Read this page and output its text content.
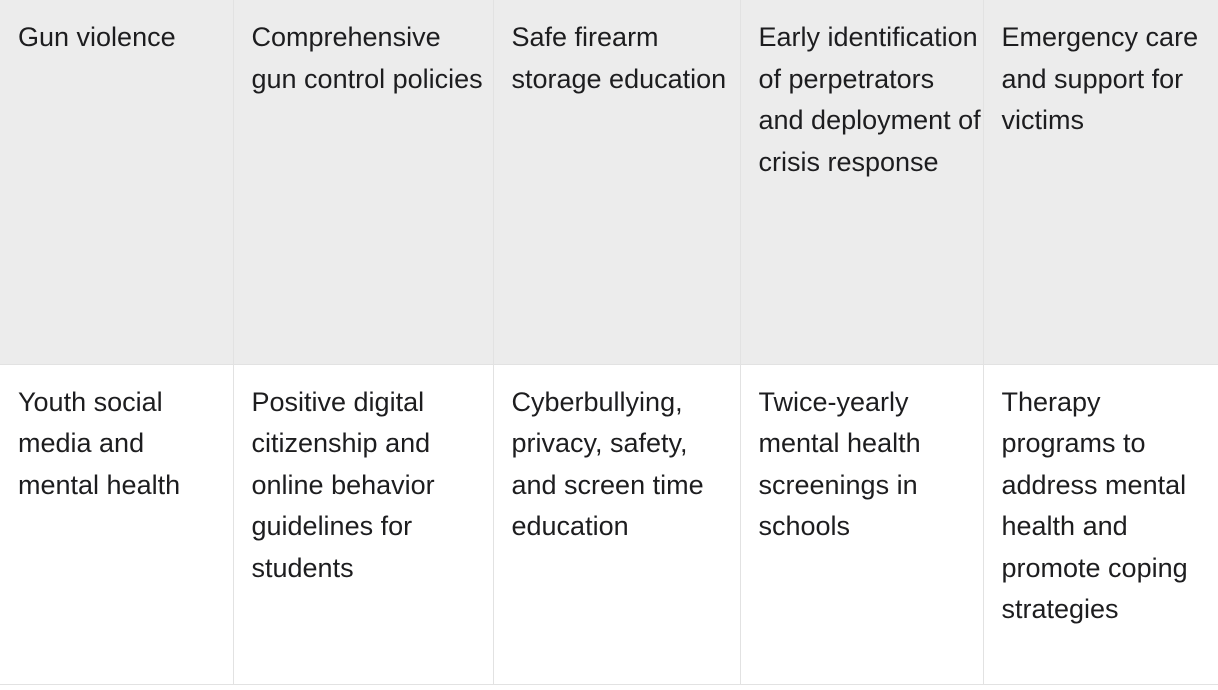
Gun violence	Comprehensive gun control policies	Safe firearm storage education	Early identification of perpetrators and deployment of crisis response	Emergency care and support for victims
Youth social media and mental health	Positive digital citizenship and online behavior guidelines for students	Cyberbullying, privacy, safety, and screen time education	Twice-yearly mental health screenings in schools	Therapy programs to address mental health and promote coping strategies
